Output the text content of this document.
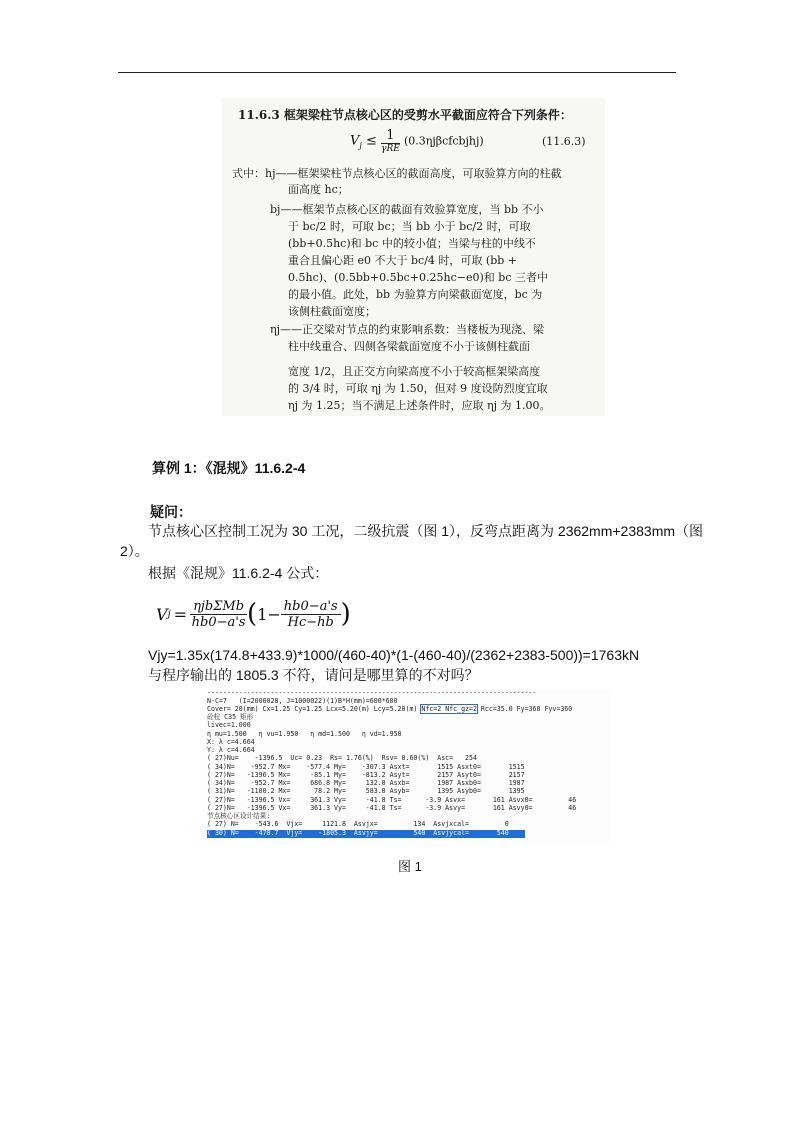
11.6.3 框架梁柱节点核心区的受剪水平截面应符合下列条件：
$V_j \le \frac{1}{\text{γRE}}$ (0.3ηjβcfcbjhj)	(11.6.3)
式中：hj——框架梁柱节点核心区的截面高度，可取验算方向的柱截
面高度 hc；
bj——框架节点核心区的截面有效验算宽度，当 bb 不小
于 bc/2 时，可取 bc；当 bb 小于 bc/2 时，可取
(bb+0.5hc)和 bc 中的较小值；当梁与柱的中线不
重合且偏心距 e0 不大于 bc/4 时，可取 (bb +
0.5hc)、(0.5bb+0.5bc+0.25hc−e0)和 bc 三者中
的最小值。此处，bb 为验算方向梁截面宽度，bc 为
该侧柱截面宽度；
ηj——正交梁对节点的约束影响系数：当楼板为现浇、梁
柱中线重合、四侧各梁截面宽度不小于该侧柱截面
宽度 1/2，且正交方向梁高度不小于较高框架梁高度
的 3/4 时，可取 ηj 为 1.50，但对 9 度设防烈度宜取
ηj 为 1.25；当不满足上述条件时，应取 ηj 为 1.00。
算例 1：《混规》11.6.2-4
疑问：
节点核心区控制工况为 30 工况，二级抗震（图 1），反弯点距离为 2362mm+2383mm（图
2）。
根据《混规》11.6.2-4 公式：
V j = ηjbΣMb
hb0−a's ( $1- \frac{hb0-a's}{Hc-hb}$ )
Vjy=1.35x(174.8+433.9)*1000/(460-40)*(1-(460-40)/(2362+2383-500))=1763kN
与程序输出的 1805.3 不符，请问是哪里算的不对吗？
-----------------------------------------------------------------------------------
N-C=7   (I=2000028, J=1000022)(1)B*H(mm)=600*600
Cover= 20(mm) Cx=1.25 Cy=1.25 Lcx=5.20(m) Lcy=5.20(m) Nfc=2 Nfc_gz=2 Rcc=35.0 Fy=360 Fyv=360
砼柱 C35 矩形
livec=1.000
η mu=1.500   η vu=1.950   η md=1.500   η vd=1.950
X: λ c=4.664
Y: λ c=4.664
( 27)Nu=    -1396.5  Uc= 0.23  Rs= 1.76(%)  Rsv= 0.60(%)  Asc=   254
( 34)N=    -952.7 Mx=    -577.4 My=    -307.3 Asxt=       1515 Asxt0=       1515
( 27)N=   -1396.5 Mx=     -85.1 My=    -813.2 Asyt=       2157 Asyt0=       2157
( 34)N=    -952.7 Mx=     686.8 My=     132.0 Asxb=       1987 Asxb0=       1987
( 31)N=   -1100.2 Mx=      78.2 My=     583.0 Asyb=       1395 Asyb0=       1395
( 27)N=   -1396.5 Vx=     361.3 Vy=     -41.8 Ts=      -3.9 Asvx=       161 Asvx0=         46
( 27)N=   -1396.5 Vx=     361.3 Vy=     -41.8 Ts=      -3.9 Asvy=       161 Asvy0=         46
节点核心区设计结果:
( 27) N=    -543.6  Vjx=     1121.8  Asvjx=         134  Asvjxcal=         0
( 30) N=    -478.7  Vjy=    -1805.3  Asvjy=         540  Asvjycal=       540
图 1
